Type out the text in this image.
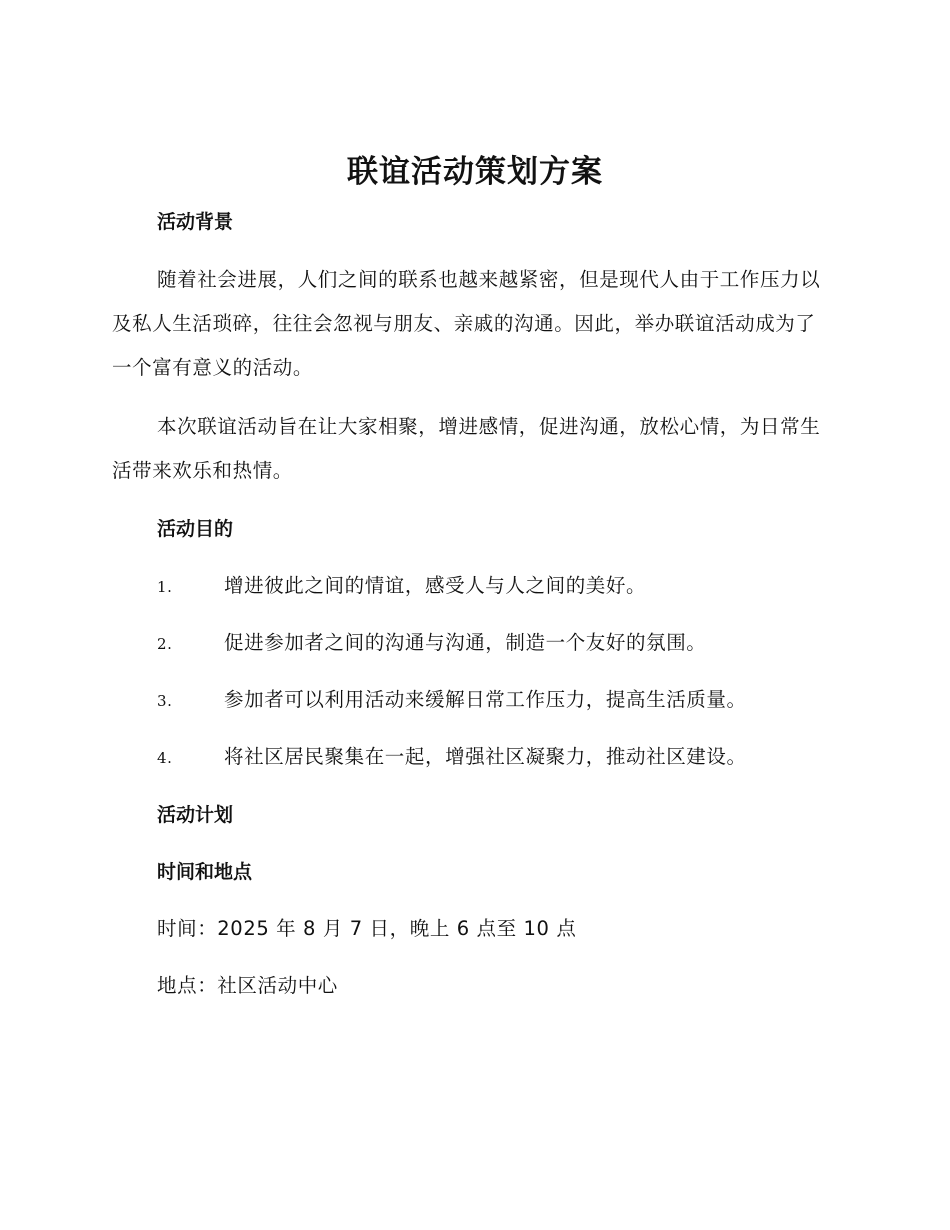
联谊活动策划方案
活动背景

随着社会进展，人们之间的联系也越来越紧密，但是现代人由于工作压力以及私人生活琐碎，往往会忽视与朋友、亲戚的沟通。因此，举办联谊活动成为了一个富有意义的活动。

本次联谊活动旨在让大家相聚，增进感情，促进沟通，放松心情，为日常生活带来欢乐和热情。

活动目的
1.	增进彼此之间的情谊，感受人与人之间的美好。
2.	促进参加者之间的沟通与沟通，制造一个友好的氛围。
3.	参加者可以利用活动来缓解日常工作压力，提高生活质量。
4.	将社区居民聚集在一起，增强社区凝聚力，推动社区建设。
活动计划
时间和地点
时间：2025 年 8 月 7 日，晚上 6 点至 10 点
地点：社区活动中心
